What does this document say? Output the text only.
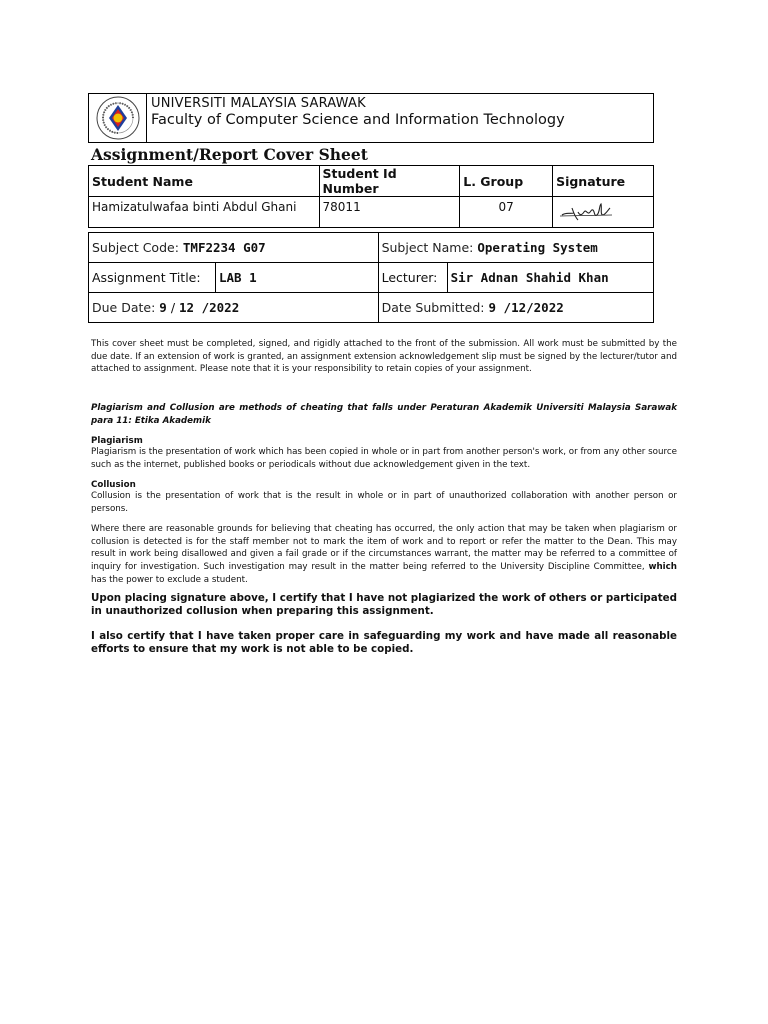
UNIVERSITI MALAYSIA SARAWAK
Faculty of Computer Science and Information Technology
Assignment/Report Cover Sheet
Student Name	Student Id Number	L. Group	Signature
Hamizatulwafaa binti Abdul Ghani	78011	07	
Subject Code: TMF2234 G07		Subject Name: Operating System	
Assignment Title:	LAB 1	Lecturer:	Sir Adnan Shahid Khan
Due Date: 9 / 12 /2022		Date Submitted: 9 /12/2022	
This cover sheet must be completed, signed, and rigidly attached to the front of the submission. All work must be submitted by the due date. If an extension of work is granted, an assignment extension acknowledgement slip must be signed by the lecturer/tutor and attached to assignment. Please note that it is your responsibility to retain copies of your assignment.
Plagiarism and Collusion are methods of cheating that falls under Peraturan Akademik Universiti Malaysia Sarawak para 11: Etika Akademik
Plagiarism
Plagiarism is the presentation of work which has been copied in whole or in part from another person's work, or from any other source such as the internet, published books or periodicals without due acknowledgement given in the text.
Collusion
Collusion is the presentation of work that is the result in whole or in part of unauthorized collaboration with another person or persons.
Where there are reasonable grounds for believing that cheating has occurred, the only action that may be taken when plagiarism or collusion is detected is for the staff member not to mark the item of work and to report or refer the matter to the Dean. This may result in work being disallowed and given a fail grade or if the circumstances warrant, the matter may be referred to a committee of inquiry for investigation. Such investigation may result in the matter being referred to the University Discipline Committee, which has the power to exclude a student.
Upon placing signature above, I certify that I have not plagiarized the work of others or participated in unauthorized collusion when preparing this assignment.
I also certify that I have taken proper care in safeguarding my work and have made all reasonable efforts to ensure that my work is not able to be copied.
